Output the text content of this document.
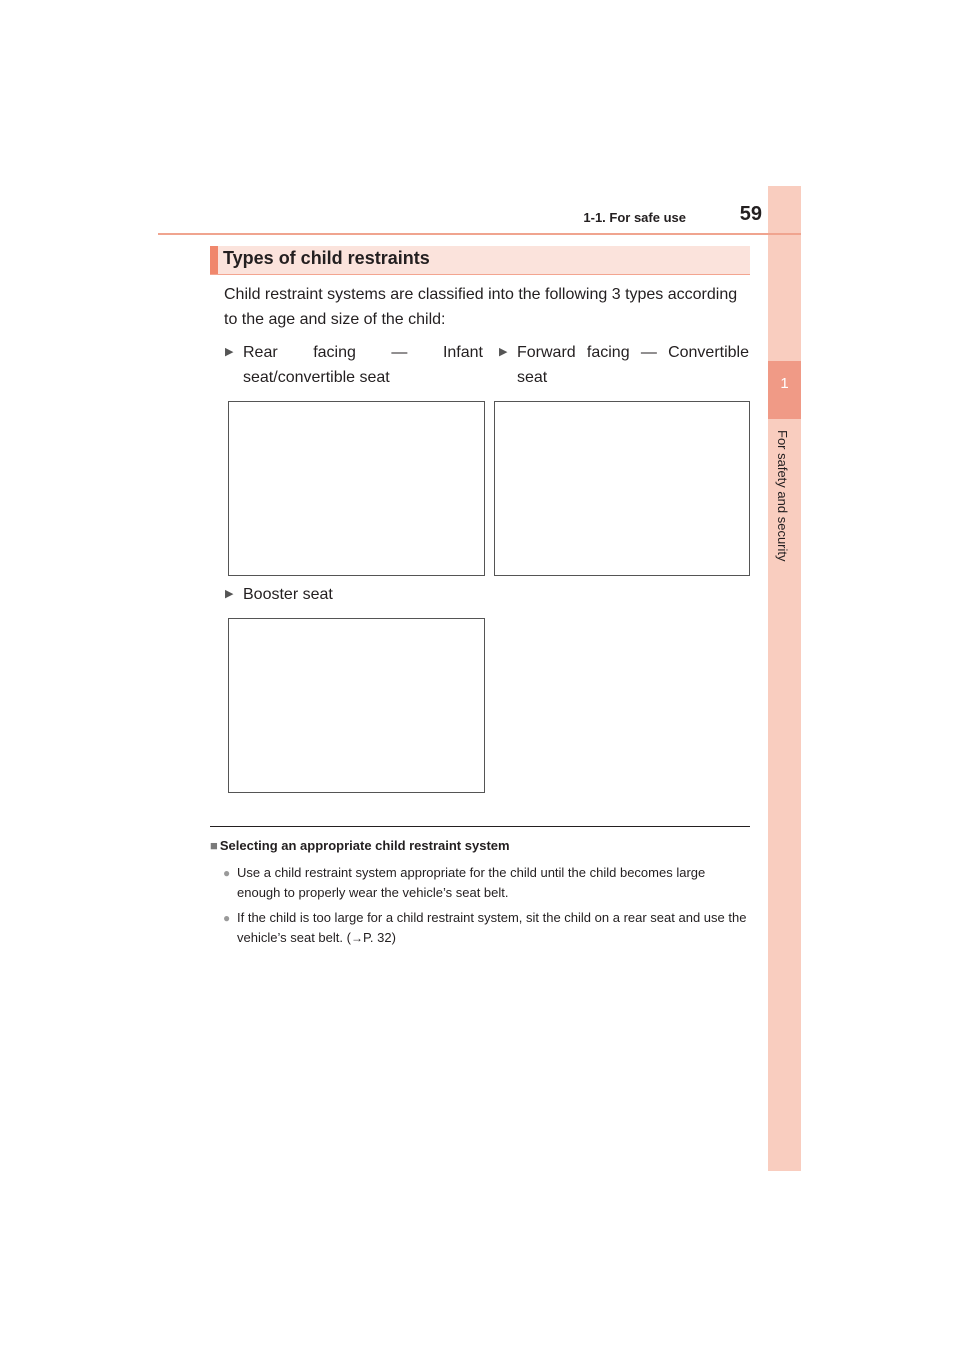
1
For safety and security
1-1. For safe use	59
Types of child restraints
Child restraint systems are classified into the following 3 types according to the age and size of the child:
▶ Rear facing — Infant seat/convertible seat
▶ Forward facing — Convertible seat
▶ Booster seat
■ Selecting an appropriate child restraint system
● Use a child restraint system appropriate for the child until the child becomes large enough to properly wear the vehicle’s seat belt.
● If the child is too large for a child restraint system, sit the child on a rear seat and use the vehicle’s seat belt. (→P. 32)
